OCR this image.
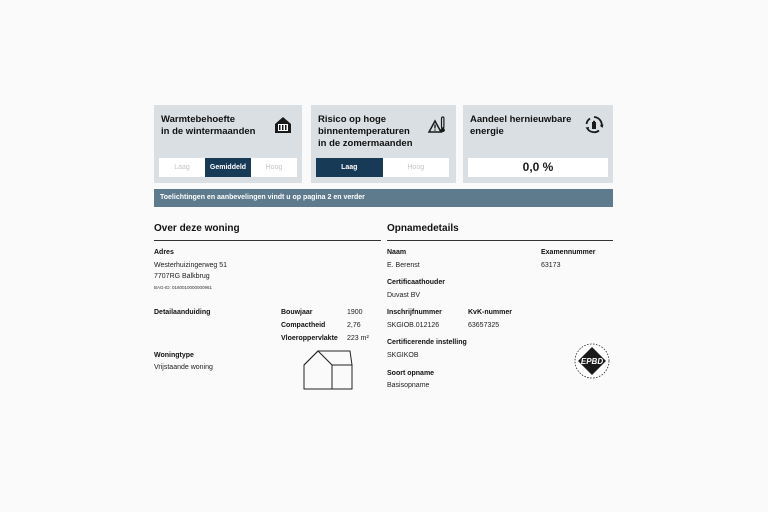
Warmtebehoefte
in de wintermaanden
Laag	Gemiddeld	Hoog
Risico op hoge
binnentemperaturen
in de zomermaanden
Laag	Hoog
Aandeel hernieuwbare
energie
0,0 %
Toelichtingen en aanbevelingen vindt u op pagina 2 en verder
Over deze woning
Adres
Westerhuizingerweg 51
7707RG Balkbrug
BAG-ID: 0160010000000961
Detailaanduiding	Bouwjaar	1900
Compactheid	2,76
Vloeroppervlakte 223 m²
Woningtype
Vrijstaande woning
Opnamedetails
Naam
E. Berenst
Examennummer
63173
Certificaathouder
Duvast BV
Inschrijfnummer
SKGIOB.012126
KvK-nummer
63657325
Certificerende instelling
SKGIKOB
Soort opname
Basisopname
EPBD
